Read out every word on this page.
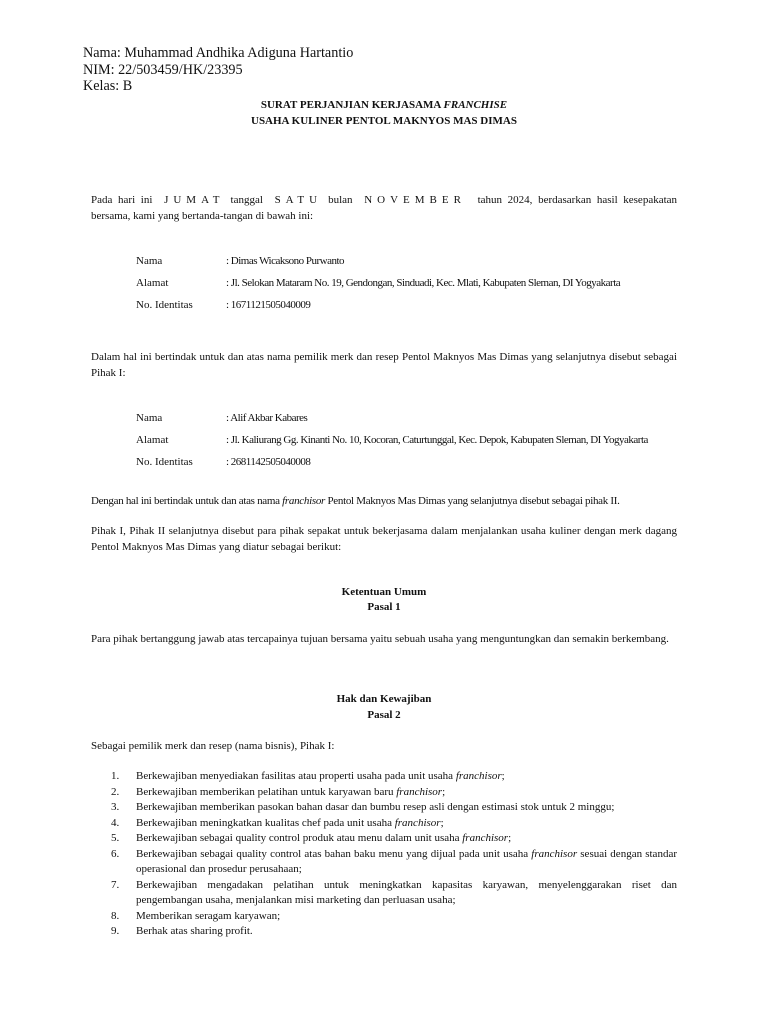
Nama: Muhammad Andhika Adiguna Hartantio
NIM: 22/503459/HK/23395
Kelas: B
SURAT PERJANJIAN KERJASAMA FRANCHISE
USAHA KULINER PENTOL MAKNYOS MAS DIMAS
Pada hari ini JUMAT tanggal SATU bulan NOVEMBER tahun 2024, berdasarkan hasil kesepakatan bersama, kami yang bertanda-tangan di bawah ini:
Nama	: Dimas Wicaksono Purwanto
Alamat	: Jl. Selokan Mataram No. 19, Gendongan, Sinduadi, Kec. Mlati, Kabupaten Sleman, DI Yogyakarta
No. Identitas	: 1671121505040009
Dalam hal ini bertindak untuk dan atas nama pemilik merk dan resep Pentol Maknyos Mas Dimas yang selanjutnya disebut sebagai Pihak I:
Nama	: Alif Akbar Kabares
Alamat	: Jl. Kaliurang Gg. Kinanti No. 10, Kocoran, Caturtunggal, Kec. Depok, Kabupaten Sleman, DI Yogyakarta
No. Identitas	: 2681142505040008
Dengan hal ini bertindak untuk dan atas nama franchisor Pentol Maknyos Mas Dimas yang selanjutnya disebut sebagai pihak II.
Pihak I, Pihak II selanjutnya disebut para pihak sepakat untuk bekerjasama dalam menjalankan usaha kuliner dengan merk dagang Pentol Maknyos Mas Dimas yang diatur sebagai berikut:
Ketentuan Umum
Pasal 1
Para pihak bertanggung jawab atas tercapainya tujuan bersama yaitu sebuah usaha yang menguntungkan dan semakin berkembang.
Hak dan Kewajiban
Pasal 2
Sebagai pemilik merk dan resep (nama bisnis), Pihak I:
1. Berkewajiban menyediakan fasilitas atau properti usaha pada unit usaha franchisor;
2. Berkewajiban memberikan pelatihan untuk karyawan baru franchisor;
3. Berkewajiban memberikan pasokan bahan dasar dan bumbu resep asli dengan estimasi stok untuk 2 minggu;
4. Berkewajiban meningkatkan kualitas chef pada unit usaha franchisor;
5. Berkewajiban sebagai quality control produk atau menu dalam unit usaha franchisor;
6. Berkewajiban sebagai quality control atas bahan baku menu yang dijual pada unit usaha franchisor sesuai dengan standar operasional dan prosedur perusahaan;
7. Berkewajiban mengadakan pelatihan untuk meningkatkan kapasitas karyawan, menyelenggarakan riset dan pengembangan usaha, menjalankan misi marketing dan perluasan usaha;
8. Memberikan seragam karyawan;
9. Berhak atas sharing profit.
